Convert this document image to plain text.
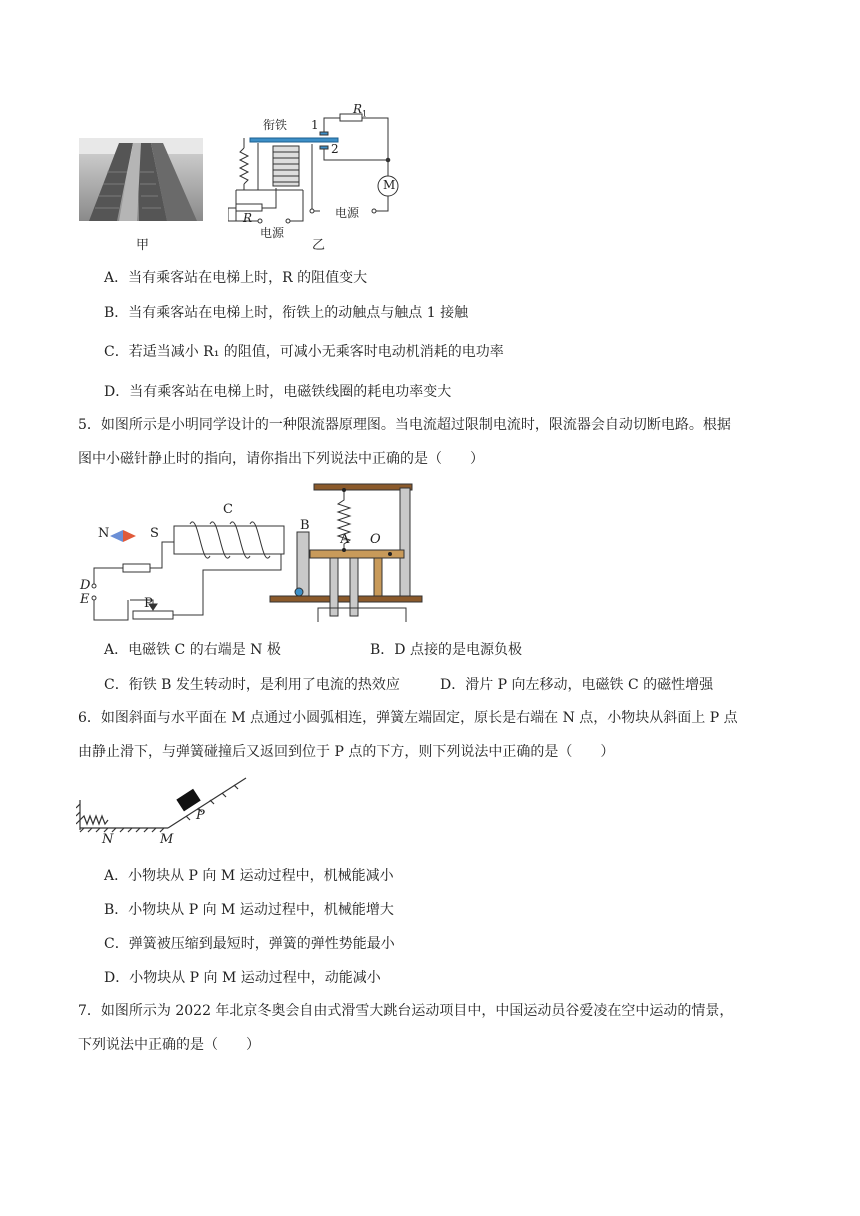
甲
衔铁 1
2
$R_1$
R
电源
电源
M
乙
A．当有乘客站在电梯上时，R 的阻值变大
B．当有乘客站在电梯上时，衔铁上的动触点与触点 1 接触
C．若适当减小 R₁ 的阻值，可减小无乘客时电动机消耗的电功率
D．当有乘客站在电梯上时，电磁铁线圈的耗电功率变大
5．如图所示是小明同学设计的一种限流器原理图。当电流超过限制电流时，限流器会自动切断电路。根据
图中小磁针静止时的指向，请你指出下列说法中正确的是（　　）
N	S
C
B
A O
D
E	P
A．电磁铁 C 的右端是 N 极	B．D 点接的是电源负极
C．衔铁 B 发生转动时，是利用了电流的热效应	D．滑片 P 向左移动，电磁铁 C 的磁性增强
6．如图斜面与水平面在 M 点通过小圆弧相连，弹簧左端固定，原长是右端在 N 点，小物块从斜面上 P 点
由静止滑下，与弹簧碰撞后又返回到位于 P 点的下方，则下列说法中正确的是（　　）
P
N	M
A．小物块从 P 向 M 运动过程中，机械能减小
B．小物块从 P 向 M 运动过程中，机械能增大
C．弹簧被压缩到最短时，弹簧的弹性势能最小
D．小物块从 P 向 M 运动过程中，动能减小
7．如图所示为 2022 年北京冬奥会自由式滑雪大跳台运动项目中，中国运动员谷爱凌在空中运动的情景，
下列说法中正确的是（　　）
